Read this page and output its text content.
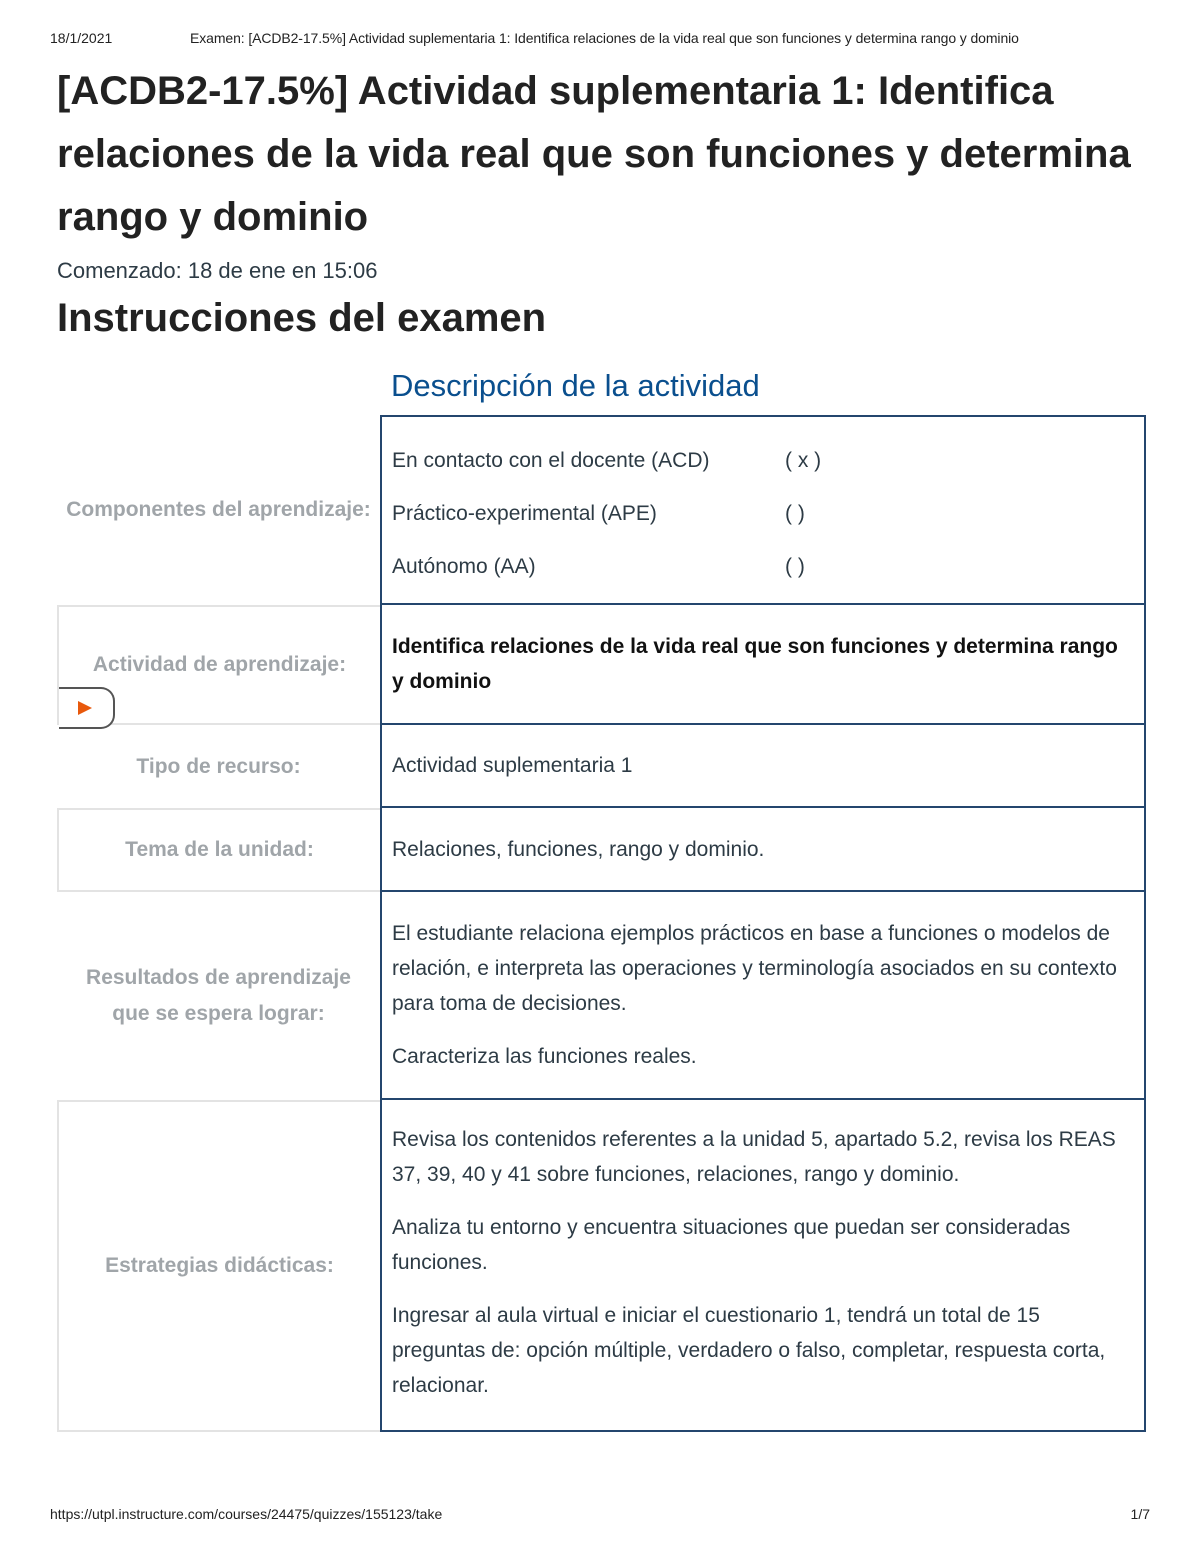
18/1/2021	Examen: [ACDB2-17.5%] Actividad suplementaria 1: Identifica relaciones de la vida real que son funciones y determina rango y dominio
[ACDB2-17.5%] Actividad suplementaria 1: Identifica relaciones de la vida real que son funciones y determina rango y dominio
Comenzado: 18 de ene en 15:06
Instrucciones del examen
Descripción de la actividad
Componentes del aprendizaje:
En contacto con el docente (ACD)	( x )
Práctico-experimental (APE)	( )
Autónomo (AA)	( )
Actividad de aprendizaje:
Identifica relaciones de la vida real que son funciones y determina rango y dominio
Tipo de recurso:	Actividad suplementaria 1
Tema de la unidad:	Relaciones, funciones, rango y dominio.
Resultados de aprendizaje que se espera lograr:

El estudiante relaciona ejemplos prácticos en base a funciones o modelos de relación, e interpreta las operaciones y terminología asociados en su contexto para toma de decisiones.

Caracteriza las funciones reales.

Estrategias didácticas:

Revisa los contenidos referentes a la unidad 5, apartado 5.2, revisa los REAS 37, 39, 40 y 41 sobre funciones, relaciones, rango y dominio.

Analiza tu entorno y encuentra situaciones que puedan ser consideradas funciones.

Ingresar al aula virtual e iniciar el cuestionario 1, tendrá un total de 15 preguntas de: opción múltiple, verdadero o falso, completar, respuesta corta, relacionar.

https://utpl.instructure.com/courses/24475/quizzes/155123/take	1/7
